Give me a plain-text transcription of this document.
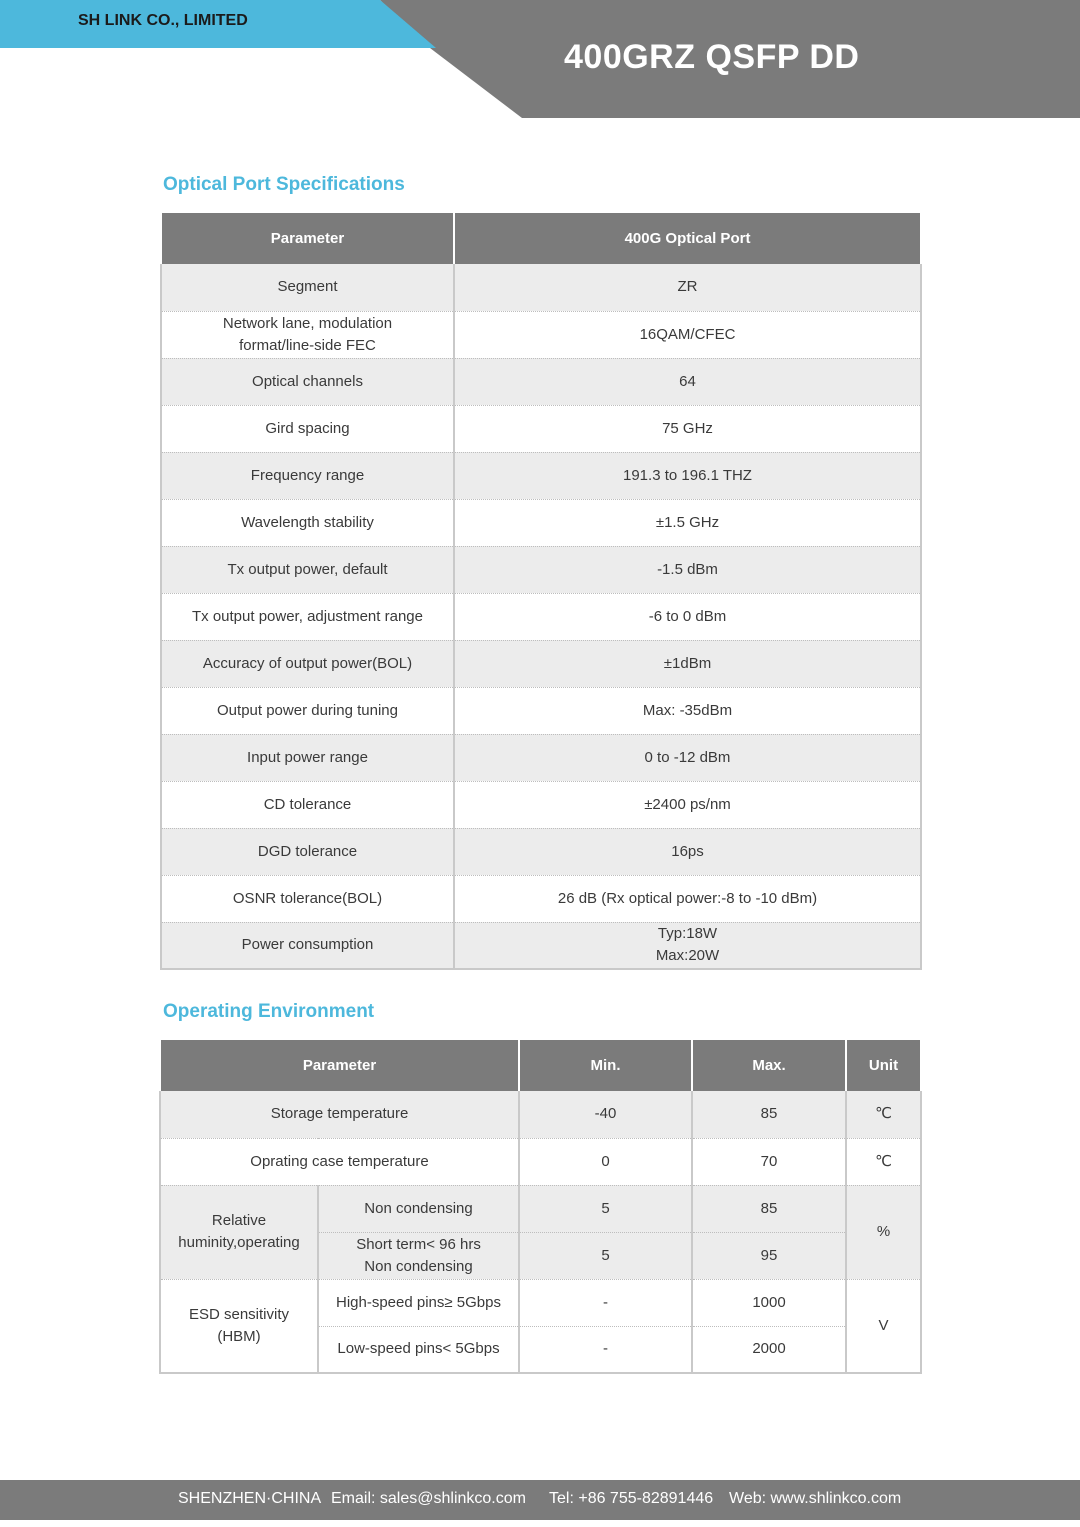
SH LINK CO., LIMITED
400GRZ QSFP DD
Optical Port Specifications
Parameter	400G Optical Port
Segment	ZR
Network lane, modulation
format/line-side FEC	16QAM/CFEC
Optical channels	64
Gird spacing	75 GHz
Frequency range	191.3 to 196.1 THZ
Wavelength stability	±1.5 GHz
Tx output power, default	-1.5 dBm
Tx output power, adjustment range	-6 to 0 dBm
Accuracy of output power(BOL)	±1dBm
Output power during tuning	Max: -35dBm
Input power range	0 to -12 dBm
CD tolerance	±2400 ps/nm
DGD tolerance	16ps
OSNR tolerance(BOL)	26 dB (Rx optical power:-8 to -10 dBm)
Power consumption	Typ:18W
Max:20W
Operating Environment
Parameter		Min.	Max.	Unit
Storage temperature		-40	85	℃
Oprating case temperature		0	70	℃
Relative
huminity,operating	Non condensing	5	85	%
	Short term< 96 hrs
Non condensing	5	95	
ESD sensitivity
(HBM)	High-speed pins≥ 5Gbps	-	1000	V
	Low-speed pins< 5Gbps	-	2000	
SHENZHEN·CHINA Email: sales@shlinkco.com Tel: +86 755-82891446 Web: www.shlinkco.com
